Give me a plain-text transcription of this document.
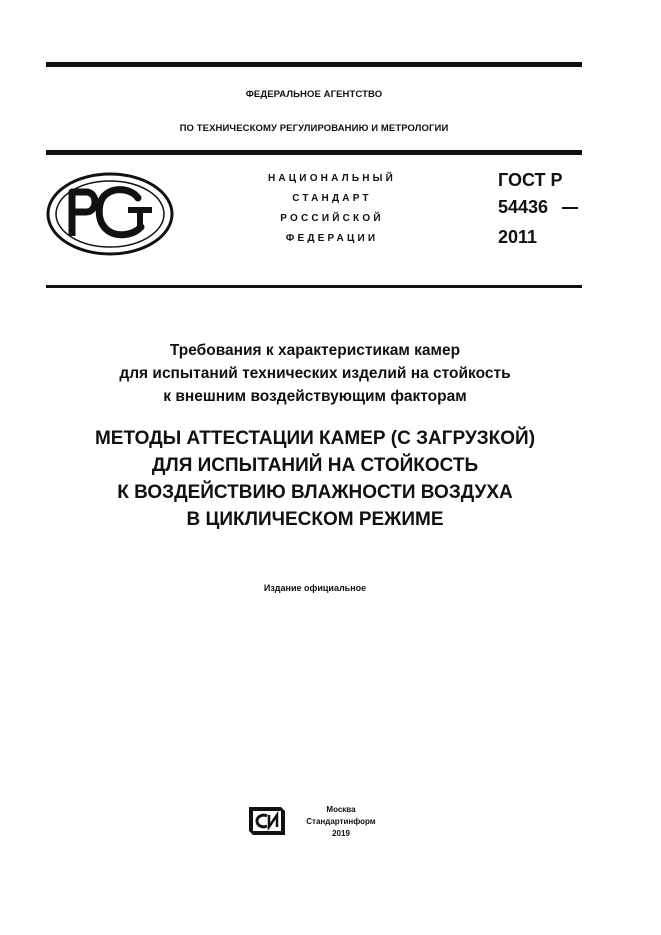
ФЕДЕРАЛЬНОЕ АГЕНТСТВО
ПО ТЕХНИЧЕСКОМУ РЕГУЛИРОВАНИЮ И МЕТРОЛОГИИ
НАЦИОНАЛЬНЫЙ
СТАНДАРТ
РОССИЙСКОЙ
ФЕДЕРАЦИИ
ГОСТ Р
54436
2011
Требования к характеристикам камер
для испытаний технических изделий на стойкость
к внешним воздействующим факторам
МЕТОДЫ АТТЕСТАЦИИ КАМЕР (С ЗАГРУЗКОЙ)
ДЛЯ ИСПЫТАНИЙ НА СТОЙКОСТЬ
К ВОЗДЕЙСТВИЮ ВЛАЖНОСТИ ВОЗДУХА
В ЦИКЛИЧЕСКОМ РЕЖИМЕ
Издание официальное
Москва
Стандартинформ
2019
